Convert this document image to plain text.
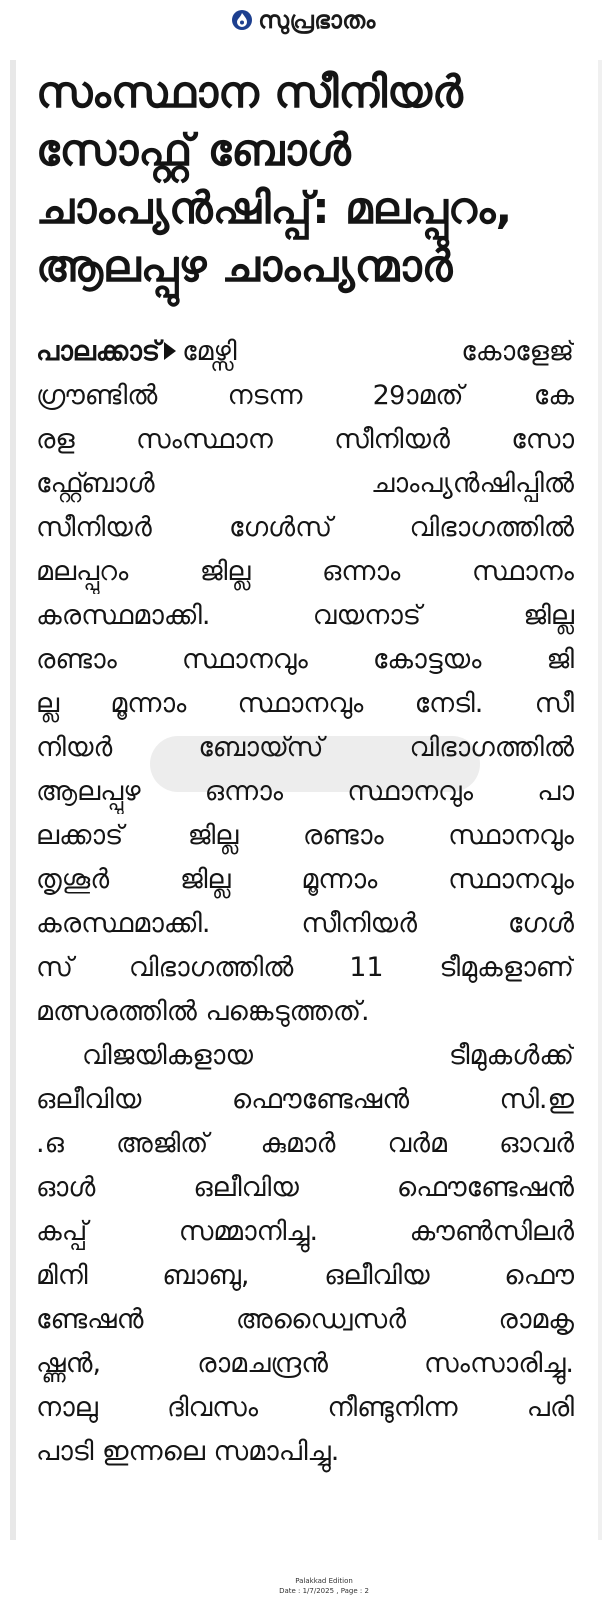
സുപ്രഭാതം
സംസ്ഥാന സീനിയർ
സോഫ്റ്റ് ബോൾ
ചാംപ്യൻഷിപ്പ്: മലപ്പുറം,
ആലപ്പുഴ ചാംപ്യന്മാർ
പാലക്കാട് മേഴ്സി കോളേജ്
ഗ്രൗണ്ടിൽ നടന്ന 29ാമത് കേ
രള സംസ്ഥാന സീനിയർ സോ
ഫ്റ്റ്ബോൾ ചാംപ്യൻഷിപ്പിൽ
സീനിയർ ഗേൾസ് വിഭാഗത്തിൽ
മലപ്പുറം ജില്ല ഒന്നാം സ്ഥാനം
കരസ്ഥമാക്കി. വയനാട് ജില്ല
രണ്ടാം സ്ഥാനവും കോട്ടയം ജി
ല്ല മൂന്നാം സ്ഥാനവും നേടി. സീ
നിയർ ബോയ്സ് വിഭാഗത്തിൽ
ആലപ്പുഴ ഒന്നാം സ്ഥാനവും പാ
ലക്കാട് ജില്ല രണ്ടാം സ്ഥാനവും
തൃശൂർ ജില്ല മൂന്നാം സ്ഥാനവും
കരസ്ഥമാക്കി. സീനിയർ ഗേൾ
സ് വിഭാഗത്തിൽ 11 ടീമുകളാണ്
മത്സരത്തിൽ പങ്കെടുത്തത്.
വിജയികളായ ടീമുകൾക്ക്
ഒലീവിയ ഫൌണ്ടേഷൻ സി.ഇ
.ഒ അജിത് കുമാർ വർമ ഓവർ
ഓൾ ഒലീവിയ ഫൌണ്ടേഷൻ
കപ്പ് സമ്മാനിച്ചു. കൗൺസിലർ
മിനി ബാബു, ഒലീവിയ ഫൌ
ണ്ടേഷൻ അഡ്വൈസർ രാമകൃ
ഷ്ണൻ, രാമചന്ദ്രൻ സംസാരിച്ചു.
നാലു ദിവസം നീണ്ടുനിന്ന പരി
പാടി ഇന്നലെ സമാപിച്ചു.
Palakkad Edition
Date : 1/7/2025 , Page : 2
